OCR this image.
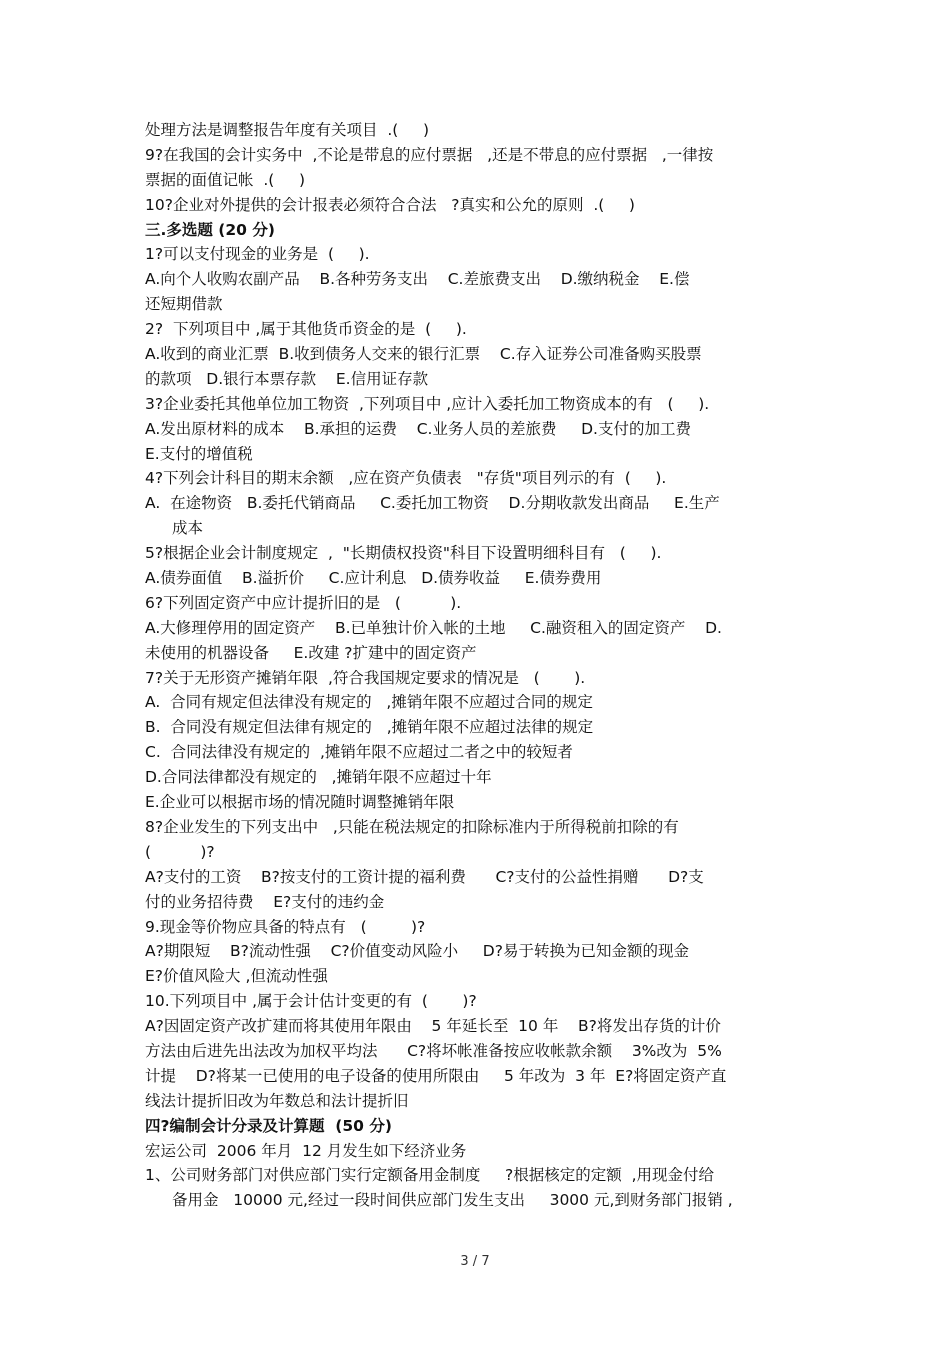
处理方法是调整报告年度有关项目  .(     )
9?在我国的会计实务中  ,不论是带息的应付票据   ,还是不带息的应付票据   ,一律按
票据的面值记帐  .(     )
10?企业对外提供的会计报表必须符合合法   ?真实和公允的原则  .(     )
三.多选题 (20 分)
1?可以支付现金的业务是  (     ).
A.向个人收购农副产品    B.各种劳务支出    C.差旅费支出    D.缴纳税金    E.偿
还短期借款
2?  下列项目中 ,属于其他货币资金的是  (     ).
A.收到的商业汇票  B.收到债务人交来的银行汇票    C.存入证券公司准备购买股票
的款项   D.银行本票存款    E.信用证存款
3?企业委托其他单位加工物资  ,下列项目中 ,应计入委托加工物资成本的有   (     ).
A.发出原材料的成本    B.承担的运费    C.业务人员的差旅费     D.支付的加工费
E.支付的增值税
4?下列会计科目的期末余额   ,应在资产负债表   "存货"项目列示的有  (     ).
A.  在途物资   B.委托代销商品     C.委托加工物资    D.分期收款发出商品     E.生产
成本
5?根据企业会计制度规定  ,  "长期债权投资"科目下设置明细科目有   (     ).
A.债券面值    B.溢折价     C.应计利息   D.债券收益     E.债券费用
6?下列固定资产中应计提折旧的是   (          ).
A.大修理停用的固定资产    B.已单独计价入帐的土地     C.融资租入的固定资产    D.
未使用的机器设备     E.改建 ?扩建中的固定资产
7?关于无形资产摊销年限  ,符合我国规定要求的情况是   (       ).
A.  合同有规定但法律没有规定的   ,摊销年限不应超过合同的规定
B.  合同没有规定但法律有规定的   ,摊销年限不应超过法律的规定
C.  合同法律没有规定的  ,摊销年限不应超过二者之中的较短者
D.合同法律都没有规定的   ,摊销年限不应超过十年
E.企业可以根据市场的情况随时调整摊销年限
8?企业发生的下列支出中   ,只能在税法规定的扣除标准内于所得税前扣除的有
(          )?
A?支付的工资    B?按支付的工资计提的福利费      C?支付的公益性捐赠      D?支
付的业务招待费    E?支付的违约金
9.现金等价物应具备的特点有   (         )?
A?期限短    B?流动性强    C?价值变动风险小     D?易于转换为已知金额的现金
E?价值风险大 ,但流动性强
10.下列项目中 ,属于会计估计变更的有  (       )?
A?因固定资产改扩建而将其使用年限由    5 年延长至  10 年    B?将发出存货的计价
方法由后进先出法改为加权平均法      C?将坏帐准备按应收帐款余额    3%改为  5%
计提    D?将某一已使用的电子设备的使用所限由     5 年改为  3 年  E?将固定资产直
线法计提折旧改为年数总和法计提折旧
四?编制会计分录及计算题  (50 分)
宏运公司  2006 年月  12 月发生如下经济业务
1、公司财务部门对供应部门实行定额备用金制度     ?根据核定的定额  ,用现金付给
备用金   10000 元,经过一段时间供应部门发生支出     3000 元,到财务部门报销 ,
3 / 7
